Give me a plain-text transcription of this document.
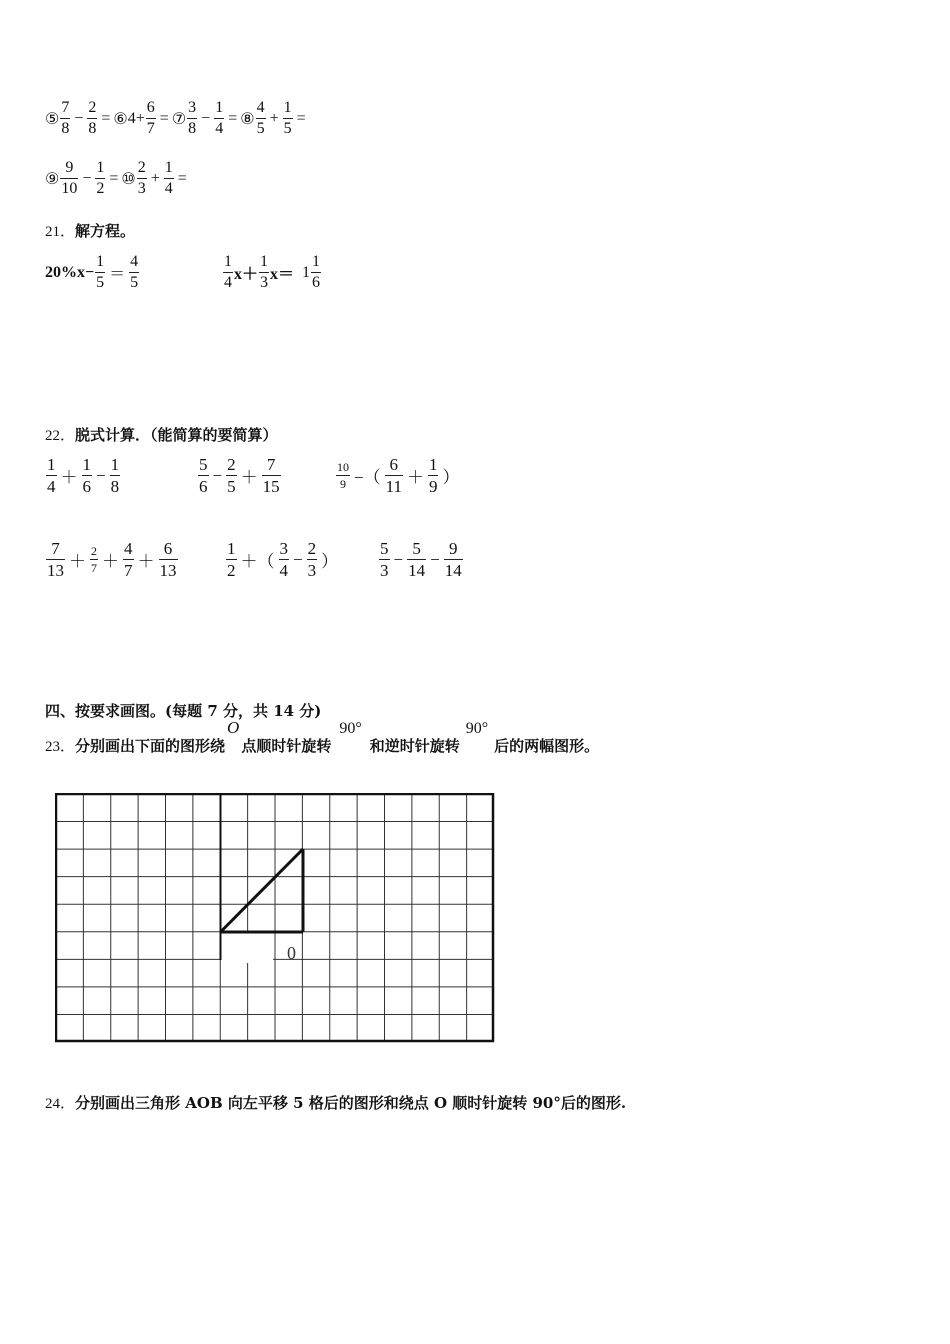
⑤ $\frac{7}{8} - \frac{2}{8}$ = ⑥ $4+ \frac{6}{7}$ = ⑦ $\frac{3}{8} - \frac{1}{4}$ = ⑧ $\frac{4}{5} + \frac{1}{5}$ =
⑨ $\frac{9}{10} - \frac{1}{2}$ = ⑩ $\frac{2}{3} + \frac{1}{4}$ =
21．解方程。
$20\%x- \frac{1}{5} = \frac{4}{5}$	$\frac{1}{4} x+ \frac{1}{3} x= 1 \frac{1}{6}$
22．脱式计算．（能简算的要简算）
$\frac{1}{4} + \frac{1}{6} - \frac{1}{8}$	$\frac{5}{6} - \frac{2}{5} + \frac{7}{15}$	$\frac{10}{9}$ −（ $\frac{6}{11} + \frac{1}{9}$ ）
$\frac{7}{13} + \frac{2}{7} + \frac{4}{7} + \frac{6}{13}$	$\frac{1}{2}$ ＋（ $\frac{3}{4} - \frac{2}{3}$ ） $\frac{5}{3} - \frac{5}{14} - \frac{9}{14}$
四、按要求画图。(每题 7 分，共 14 分)
23． 分别画出下面的图形绕
O
点顺时针旋转
90°
和逆时针旋转
90°
后的两幅图形。
0
24．分别画出三角形 AOB 向左平移 5 格后的图形和绕点 O 顺时针旋转 90°后的图形.
